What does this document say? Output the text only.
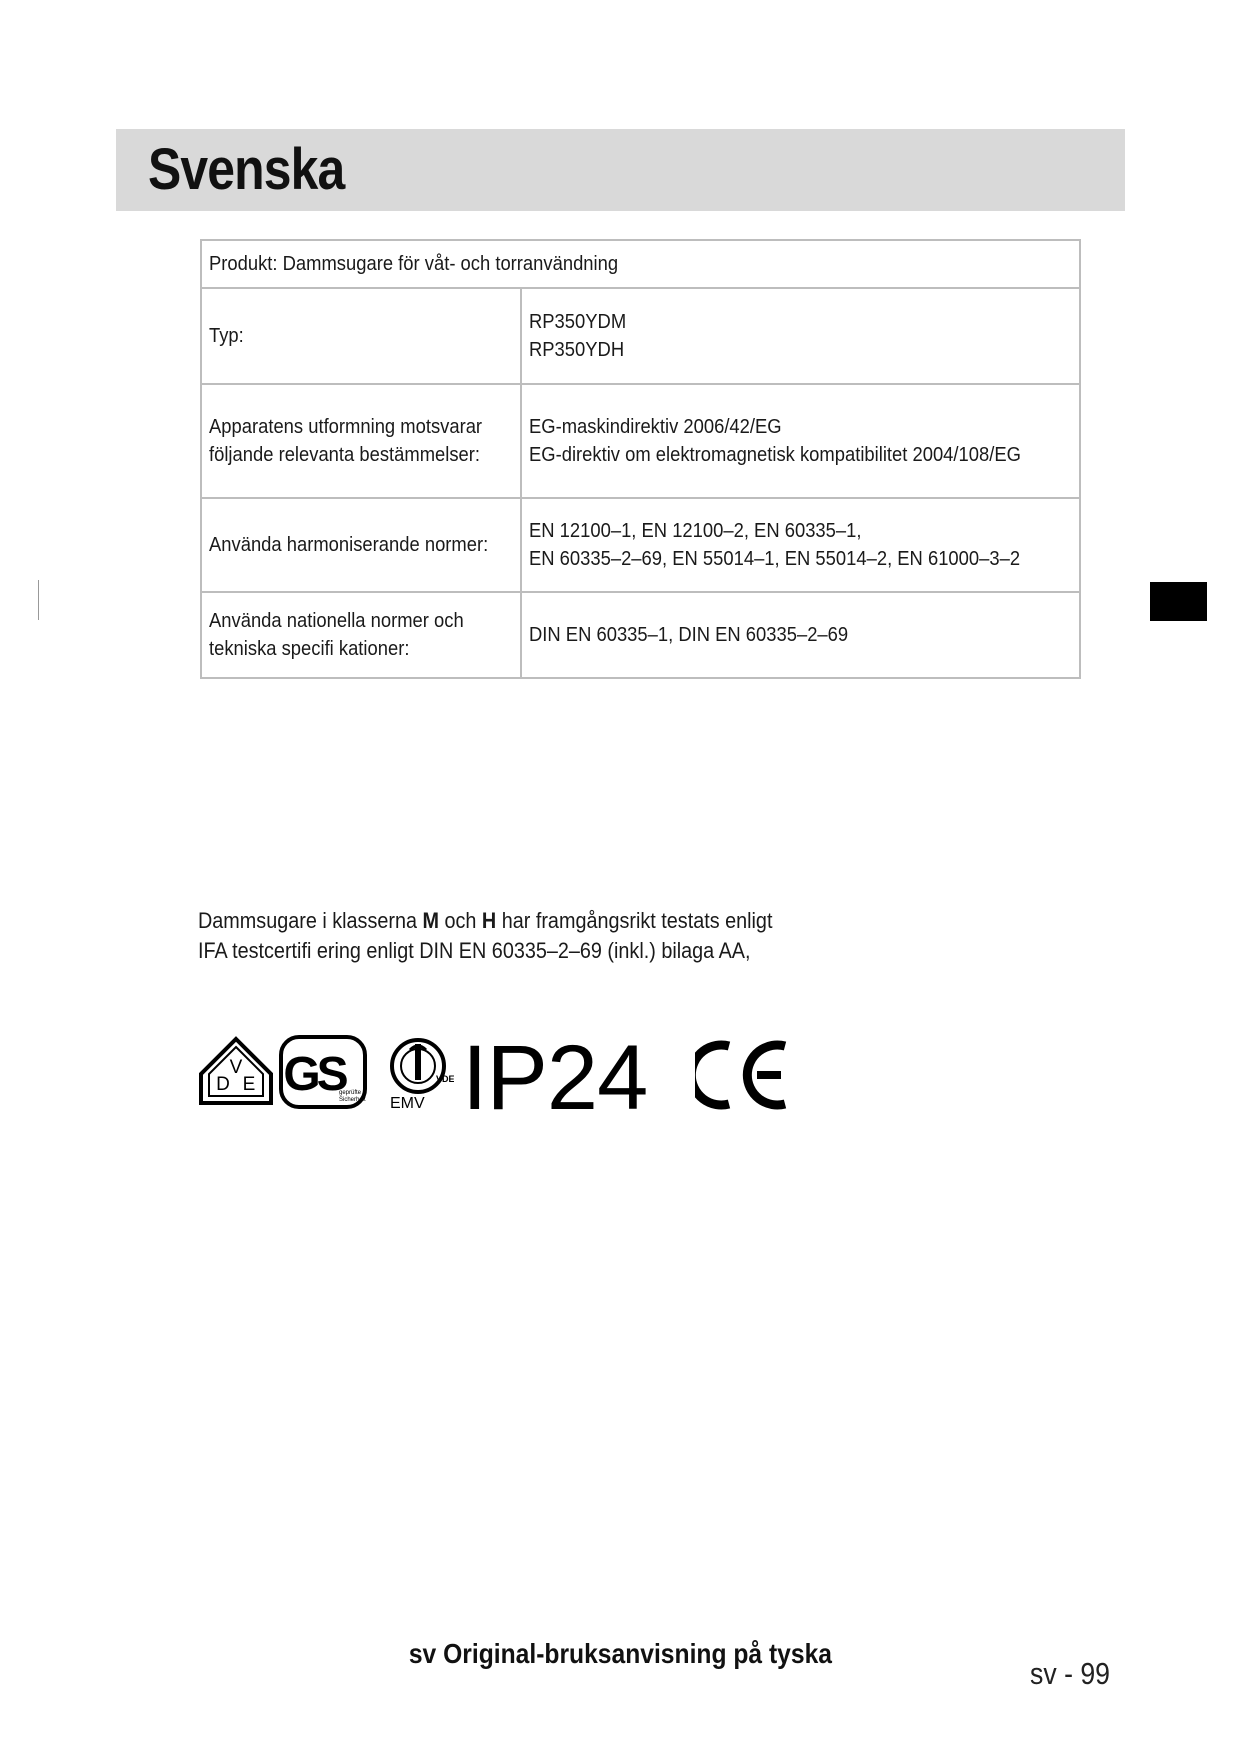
Svenska
Produkt: Dammsugare för våt- och torranvändning	
Typ:	RP350YDM
RP350YDH
Apparatens utformning motsvarar
följande relevanta bestämmelser:	EG-maskindirektiv 2006/42/EG
EG-direktiv om elektromagnetisk kompatibilitet 2004/108/EG
Använda harmoniserande normer:	EN 12100–1, EN 12100–2, EN 60335–1,
EN 60335–2–69, EN 55014–1, EN 55014–2, EN 61000–3–2
Använda nationella normer och
tekniska specifi kationer:	DIN EN 60335–1, DIN EN 60335–2–69
Dammsugare i klasserna M och H har framgångsrikt testats enligt
IFA testcertifi ering enligt DIN EN 60335–2–69 (inkl.) bilaga AA,
V
D E GS
geprüfte
Sicherheit
VDE
EMV IP24
sv Original-bruksanvisning på tyska
sv - 99
